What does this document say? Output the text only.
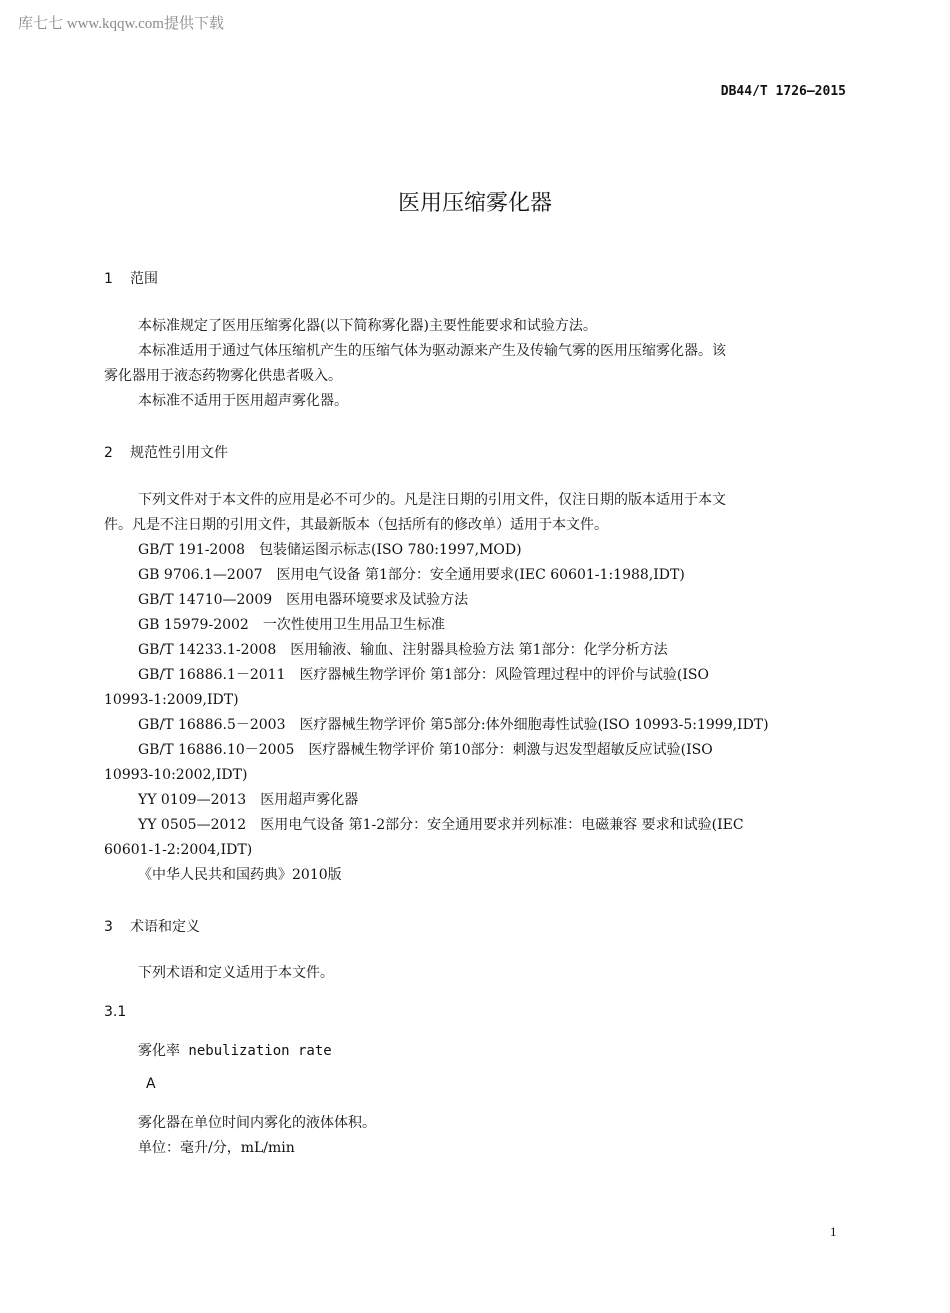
库七七 www.kqqw.com提供下载
DB44/T 1726—2015
医用压缩雾化器
1 范围
本标准规定了医用压缩雾化器(以下简称雾化器)主要性能要求和试验方法。
本标准适用于通过气体压缩机产生的压缩气体为驱动源来产生及传输气雾的医用压缩雾化器。该
雾化器用于液态药物雾化供患者吸入。
本标准不适用于医用超声雾化器。
2 规范性引用文件
下列文件对于本文件的应用是必不可少的。凡是注日期的引用文件，仅注日期的版本适用于本文
件。凡是不注日期的引用文件，其最新版本（包括所有的修改单）适用于本文件。
GB/T 191-2008　包装储运图示标志(ISO 780:1997,MOD)
GB 9706.1—2007　医用电气设备 第1部分：安全通用要求(IEC 60601-1:1988,IDT)
GB/T 14710—2009　医用电器环境要求及试验方法
GB 15979-2002　一次性使用卫生用品卫生标准
GB/T 14233.1-2008　医用输液、输血、注射器具检验方法 第1部分：化学分析方法
GB/T 16886.1－2011　医疗器械生物学评价 第1部分：风险管理过程中的评价与试验(ISO
10993-1:2009,IDT)
GB/T 16886.5－2003　医疗器械生物学评价 第5部分:体外细胞毒性试验(ISO 10993-5:1999,IDT)
GB/T 16886.10－2005　医疗器械生物学评价 第10部分：刺激与迟发型超敏反应试验(ISO
10993-10:2002,IDT)
YY 0109—2013　医用超声雾化器
YY 0505—2012　医用电气设备 第1-2部分：安全通用要求并列标准：电磁兼容 要求和试验(IEC
60601-1-2:2004,IDT)
《中华人民共和国药典》2010版
3 术语和定义
下列术语和定义适用于本文件。
3.1
雾化率 nebulization rate
A
雾化器在单位时间内雾化的液体体积。
单位：毫升/分，mL/min
1
